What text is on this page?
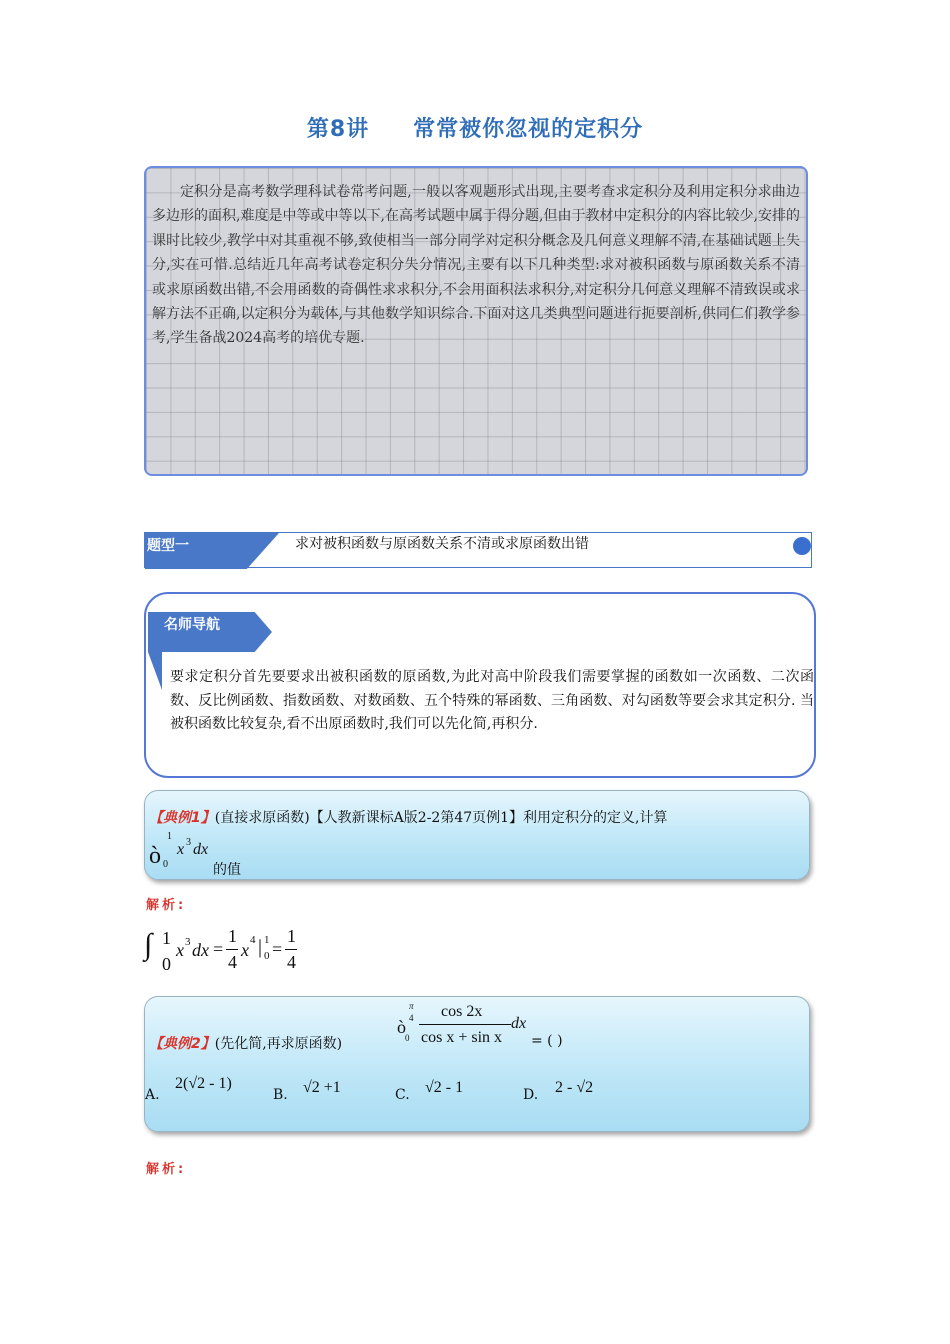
第8讲 常常被你忽视的定积分
定积分是高考数学理科试卷常考问题,一般以客观题形式出现,主要考查求定积分及利用定积分求曲边多边形的面积,难度是中等或中等以下,在高考试题中属于得分题,但由于教材中定积分的内容比较少,安排的课时比较少,教学中对其重视不够,致使相当一部分同学对定积分概念及几何意义理解不清,在基础试题上失分,实在可惜.总结近几年高考试卷定积分失分情况,主要有以下几种类型:求对被积函数与原函数关系不清或求原函数出错,不会用函数的奇偶性求求积分,不会用面积法求积分,对定积分几何意义理解不清致误或求解方法不正确,以定积分为载体,与其他数学知识综合.下面对这几类典型问题进行扼要剖析,供同仁们教学参考,学生备战2024高考的培优专题.
题型一	求对被积函数与原函数关系不清或求原函数出错
名师导航
要求定积分首先要要求出被积函数的原函数,为此对高中阶段我们需要掌握的函数如一次函数、二次函数、反比例函数、指数函数、对数函数、五个特殊的幂函数、三角函数、对勾函数等要会求其定积分. 当被积函数比较复杂,看不出原函数时,我们可以先化简,再积分.
【典例1】(直接求原函数)【人教新课标A版2-2第47页例1】利用定积分的定义,计算
ò
1
0
x 3 dx
的值
解析:
∫ 1
0
x 3 dx =
1
4
x 4 | 1
0 =
1
4
【典例2】(先化简,再求原函数)
ò
π
4
0
cos 2x
cos x + sin x
dx
= ( )
A.
2(√2 - 1)
B. √2 +1	C. √2 - 1	D. 2 - √2
解析:
